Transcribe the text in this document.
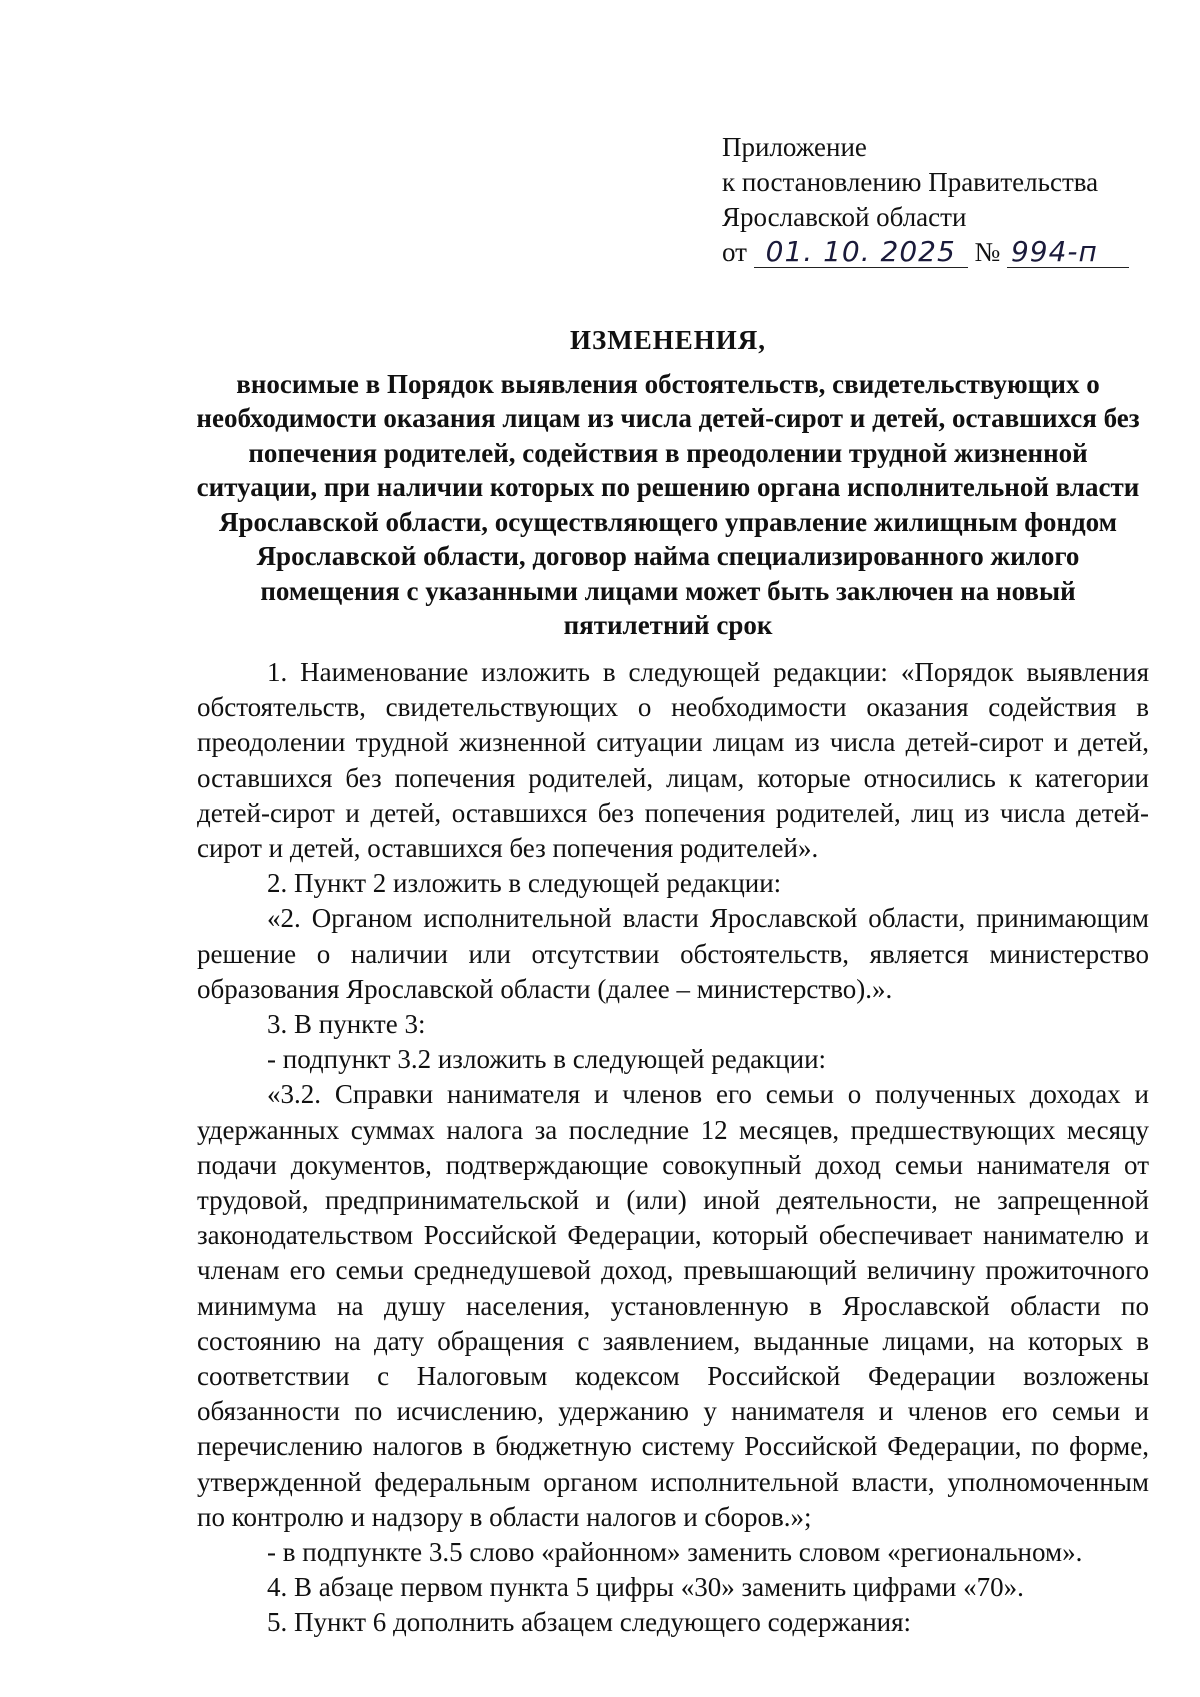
Приложение
к постановлению Правительства
Ярославской области
от 01. 10. 2025 № 994-п
ИЗМЕНЕНИЯ,
вносимые в Порядок выявления обстоятельств, свидетельствующих о необходимости оказания лицам из числа детей-сирот и детей, оставшихся без попечения родителей, содействия в преодолении трудной жизненной ситуации, при наличии которых по решению органа исполнительной власти Ярославской области, осуществляющего управление жилищным фондом Ярославской области, договор найма специализированного жилого помещения с указанными лицами может быть заключен на новый пятилетний срок

1. Наименование изложить в следующей редакции: «Порядок выявления обстоятельств, свидетельствующих о необходимости оказания содействия в преодолении трудной жизненной ситуации лицам из числа детей-сирот и детей, оставшихся без попечения родителей, лицам, которые относились к категории детей-сирот и детей, оставшихся без попечения родителей, лиц из числа детей-сирот и детей, оставшихся без попечения родителей».

2. Пункт 2 изложить в следующей редакции:

«2. Органом исполнительной власти Ярославской области, принимающим решение о наличии или отсутствии обстоятельств, является министерство образования Ярославской области (далее – министерство).».

3. В пункте 3:

- подпункт 3.2 изложить в следующей редакции:

«3.2. Справки нанимателя и членов его семьи о полученных доходах и удержанных суммах налога за последние 12 месяцев, предшествующих месяцу подачи документов, подтверждающие совокупный доход семьи нанимателя от трудовой, предпринимательской и (или) иной деятельности, не запрещенной законодательством Российской Федерации, который обеспечивает нанимателю и членам его семьи среднедушевой доход, превышающий величину прожиточного минимума на душу населения, установленную в Ярославской области по состоянию на дату обращения с заявлением, выданные лицами, на которых в соответствии с Налоговым кодексом Российской Федерации возложены обязанности по исчислению, удержанию у нанимателя и членов его семьи и перечислению налогов в бюджетную систему Российской Федерации, по форме, утвержденной федеральным органом исполнительной власти, уполномоченным по контролю и надзору в области налогов и сборов.»;

- в подпункте 3.5 слово «районном» заменить словом «региональном».

4. В абзаце первом пункта 5 цифры «30» заменить цифрами «70».

5. Пункт 6 дополнить абзацем следующего содержания:
